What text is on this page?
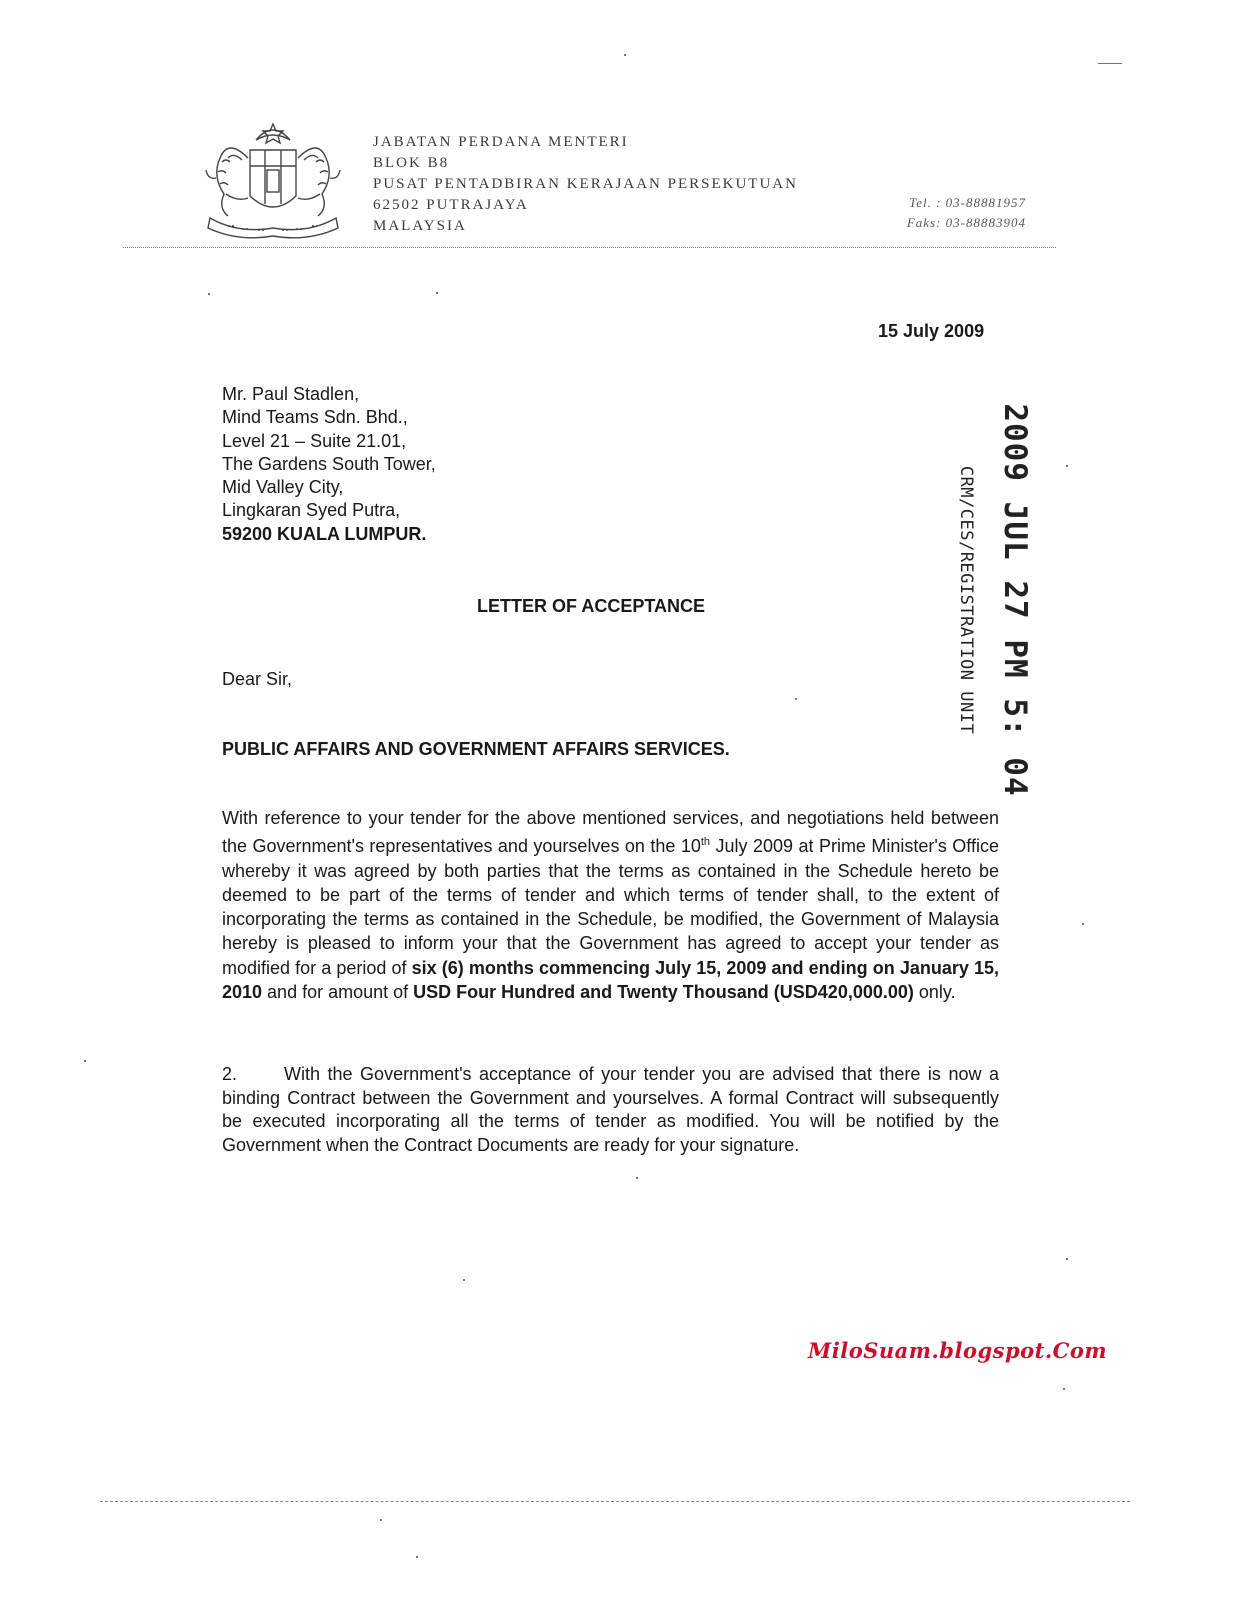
JABATAN PERDANA MENTERI
BLOK B8
PUSAT PENTADBIRAN KERAJAAN PERSEKUTUAN
62502 PUTRAJAYA
MALAYSIA
Tel. : 03-88881957
Faks: 03-88883904
15 July 2009
Mr. Paul Stadlen,
Mind Teams Sdn. Bhd.,
Level 21 – Suite 21.01,
The Gardens South Tower,
Mid Valley City,
Lingkaran Syed Putra,
59200 KUALA LUMPUR.
LETTER OF ACCEPTANCE
Dear Sir,
PUBLIC AFFAIRS AND GOVERNMENT AFFAIRS SERVICES.
With reference to your tender for the above mentioned services, and negotiations held between the Government's representatives and yourselves on the 10th July 2009 at Prime Minister's Office whereby it was agreed by both parties that the terms as contained in the Schedule hereto be deemed to be part of the terms of tender and which terms of tender shall, to the extent of incorporating the terms as contained in the Schedule, be modified, the Government of Malaysia hereby is pleased to inform your that the Government has agreed to accept your tender as modified for a period of six (6) months commencing July 15, 2009 and ending on January 15, 2010 and for amount of USD Four Hundred and Twenty Thousand (USD420,000.00) only.
2.	With the Government's acceptance of your tender you are advised that there is now a binding Contract between the Government and yourselves. A formal Contract will subsequently be executed incorporating all the terms of tender as modified. You will be notified by the Government when the Contract Documents are ready for your signature.
CRM/CES/REGISTRATION UNIT 2009 JUL 27 PM 5: 04
MiloSuam.blogspot.Com
